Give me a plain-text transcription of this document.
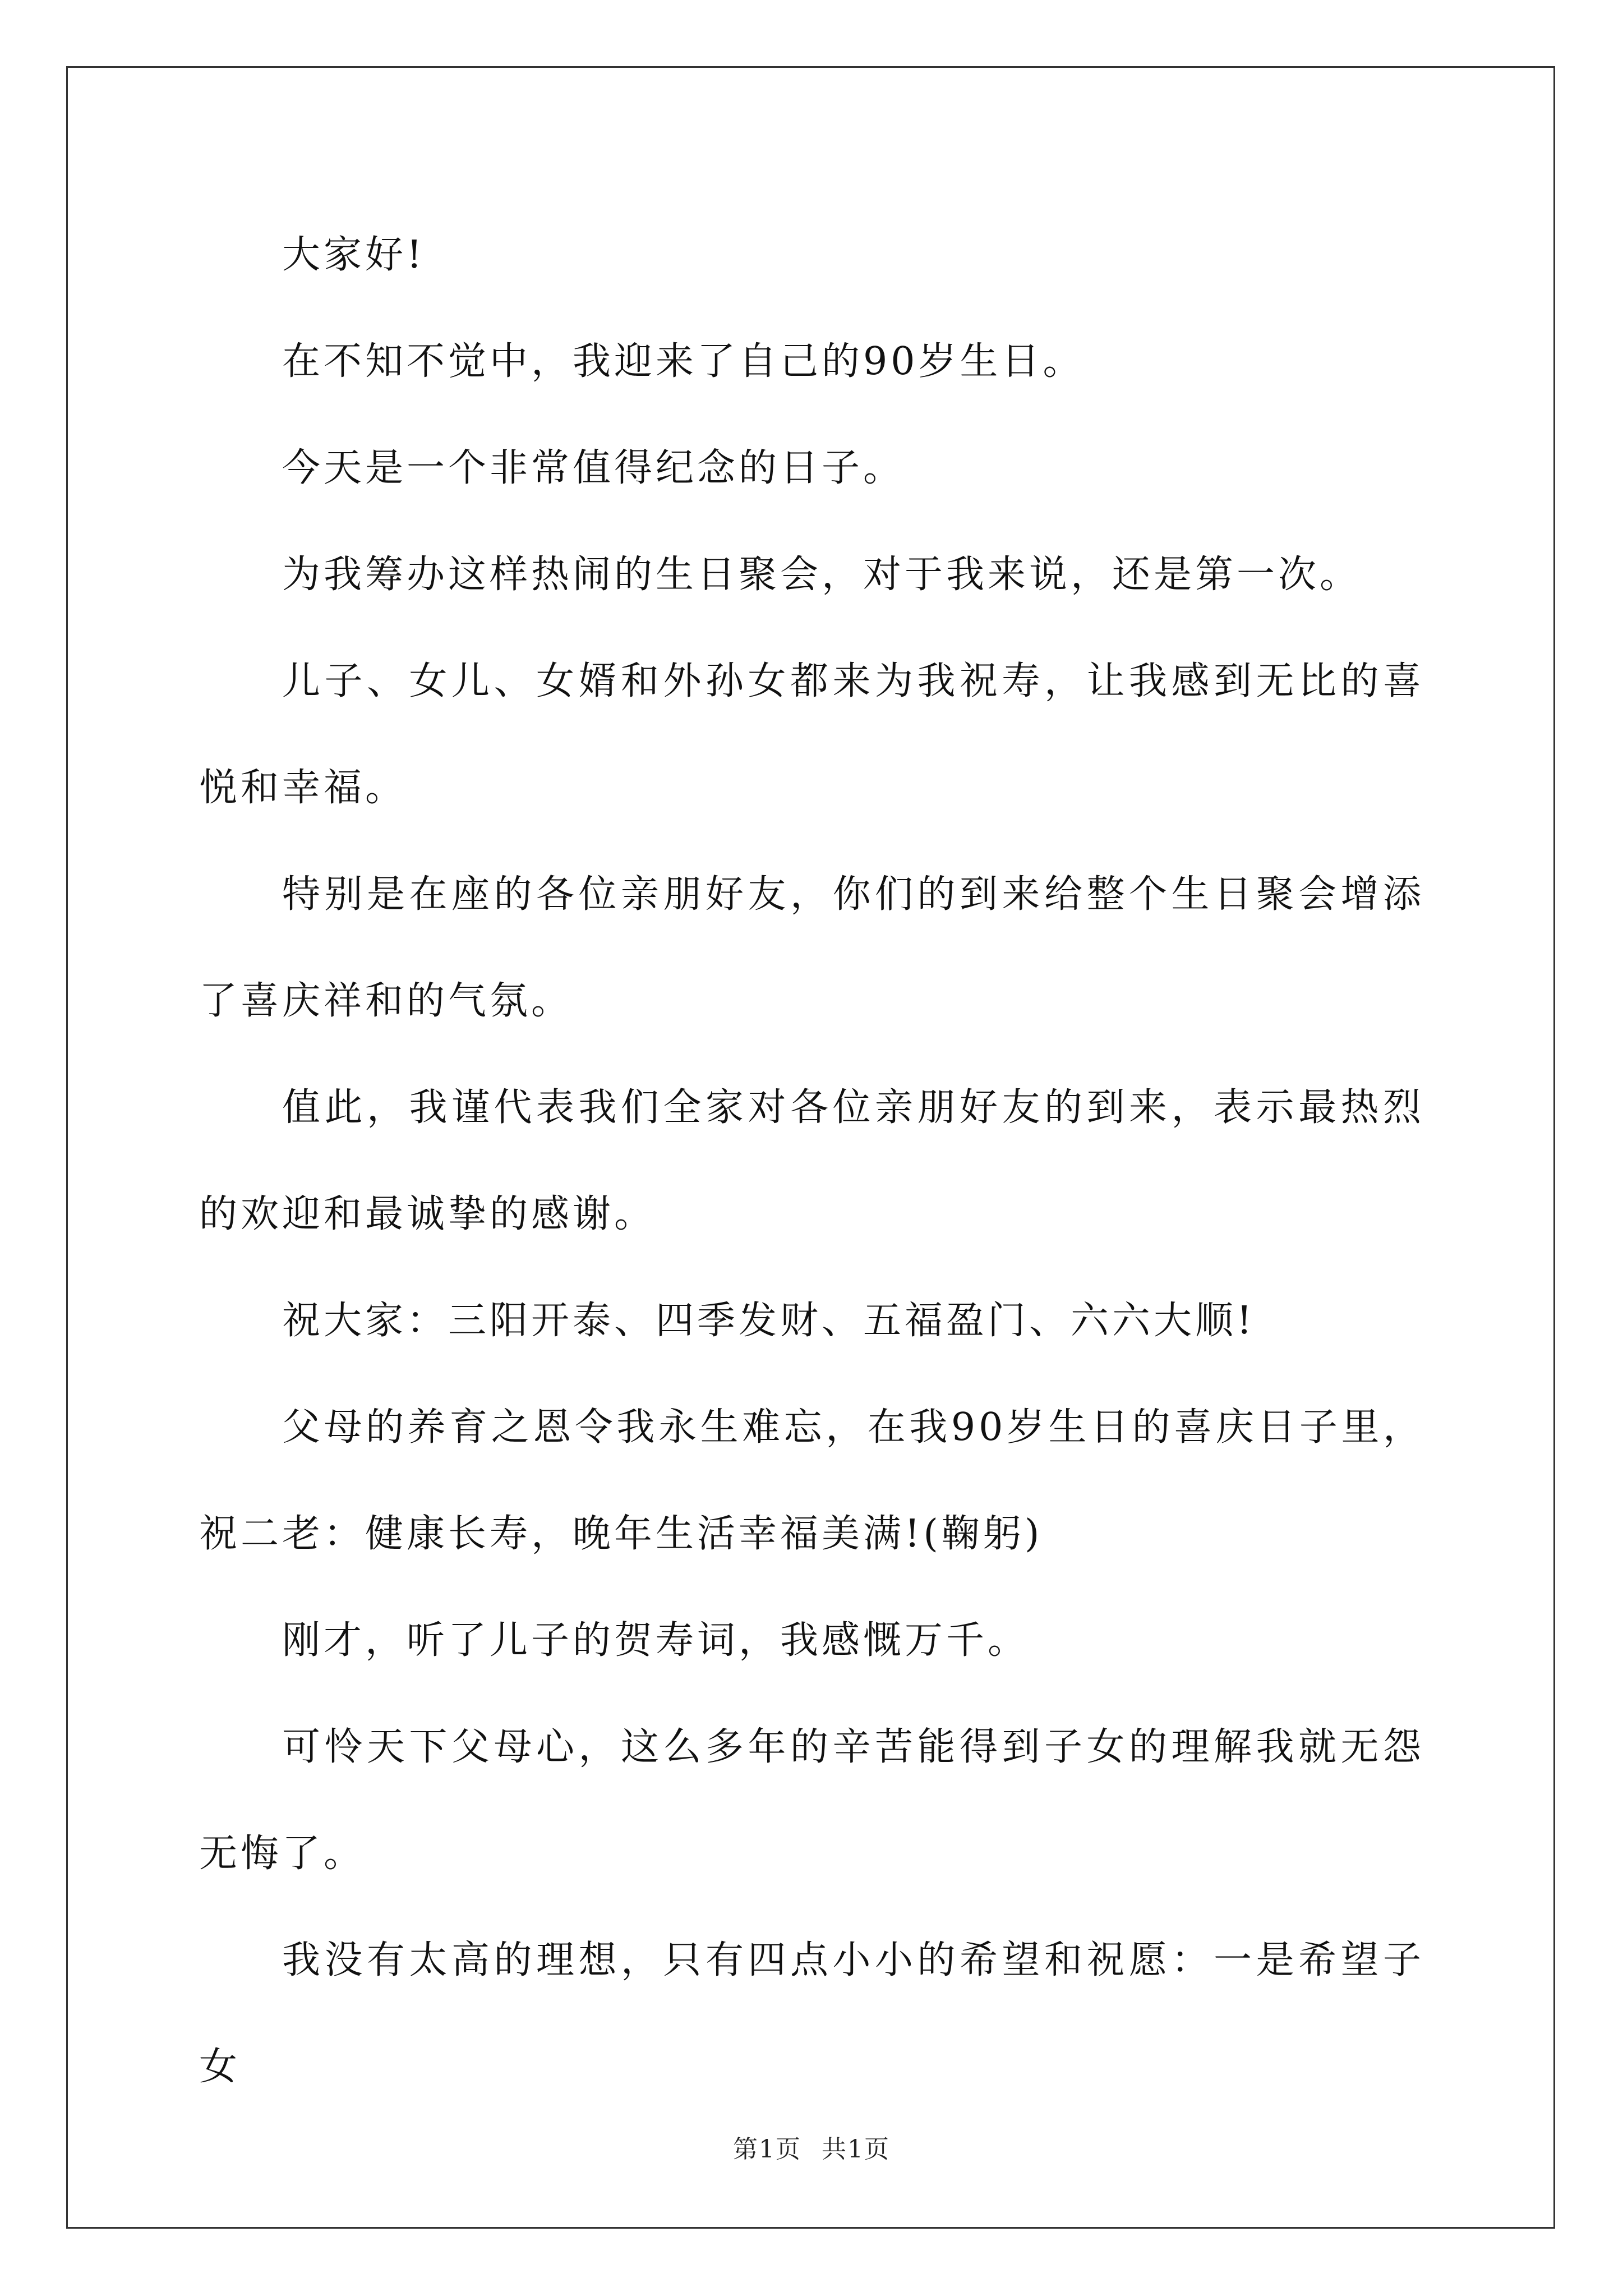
大家好!

在不知不觉中，我迎来了自己的90岁生日。

今天是一个非常值得纪念的日子。

为我筹办这样热闹的生日聚会，对于我来说，还是第一次。

儿子、女儿、女婿和外孙女都来为我祝寿，让我感到无比的喜悦和幸福。

特别是在座的各位亲朋好友，你们的到来给整个生日聚会增添了喜庆祥和的气氛。

值此，我谨代表我们全家对各位亲朋好友的到来，表示最热烈的欢迎和最诚挚的感谢。

祝大家：三阳开泰、四季发财、五福盈门、六六大顺!

父母的养育之恩令我永生难忘，在我90岁生日的喜庆日子里，祝二老：健康长寿，晚年生活幸福美满!(鞠躬)

刚才，听了儿子的贺寿词，我感慨万千。

可怜天下父母心，这么多年的辛苦能得到子女的理解我就无怨无悔了。

我没有太高的理想，只有四点小小的希望和祝愿：一是希望子女

第1页 共1页
